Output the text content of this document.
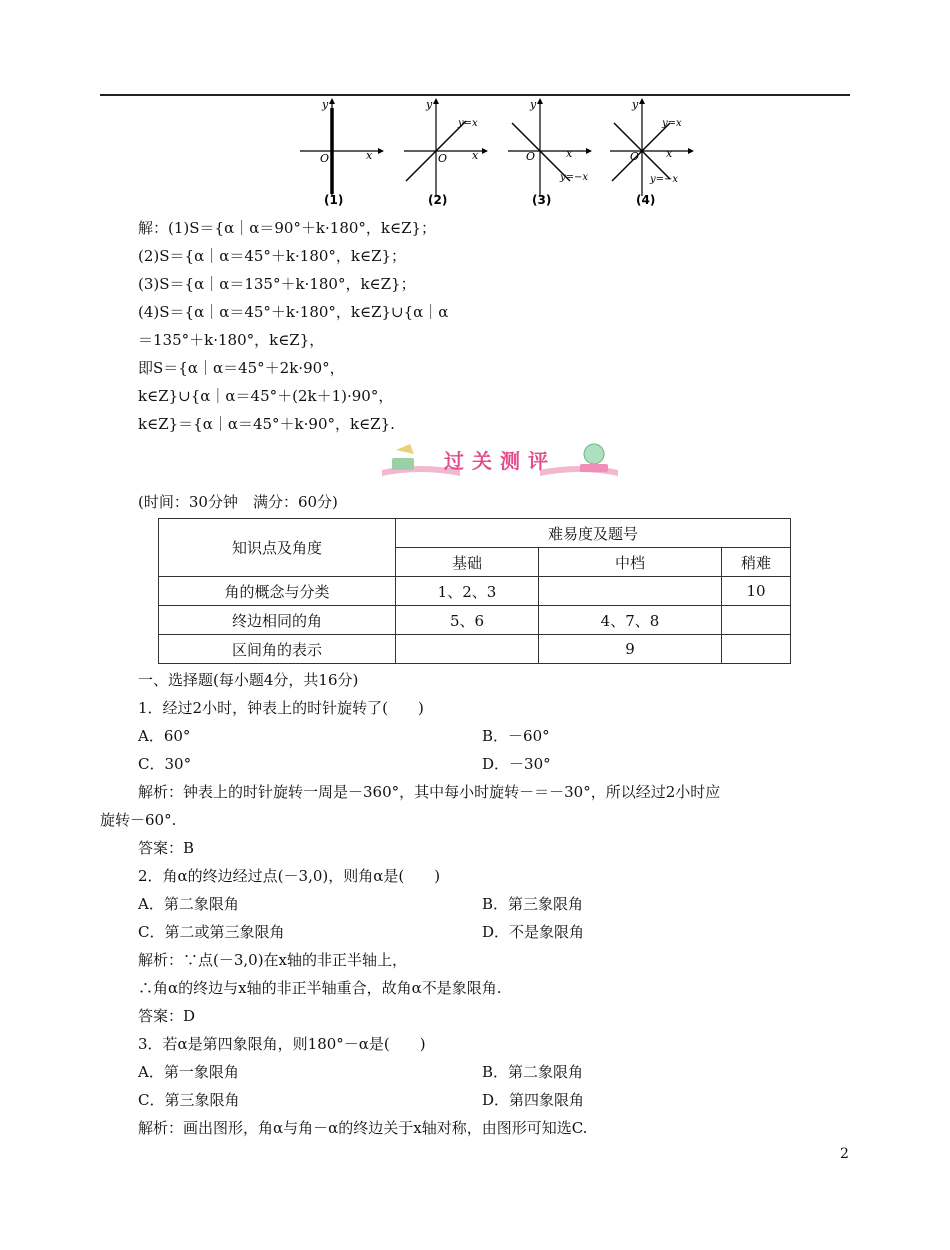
y
O	x
(1)
y
y=x
O x
(2)
y
O	x
y=−x
(3)
y
y=x
O x
y=−x
(4)
解：(1)S＝{α｜α＝90°＋k·180°，k∈Z}；
(2)S＝{α｜α＝45°＋k·180°，k∈Z}；
(3)S＝{α｜α＝135°＋k·180°，k∈Z}；
(4)S＝{α｜α＝45°＋k·180°，k∈Z}∪{α｜α
＝135°＋k·180°，k∈Z}，
即S＝{α｜α＝45°＋2k·90°，
k∈Z}∪{α｜α＝45°＋(2k＋1)·90°，
k∈Z}＝{α｜α＝45°＋k·90°，k∈Z}.
过关测评
(时间：30分钟　满分：60分)
知识点及角度	难易度及题号		
	基础	中档	稍难
角的概念与分类	1、2、3		10
终边相同的角	5、6	4、7、8	
区间角的表示		9	
一、选择题(每小题4分，共16分)
1．经过2小时，钟表上的时针旋转了(　　)
A．60°	B．－60°
C．30°	D．－30°
解析：钟表上的时针旋转一周是－360°，其中每小时旋转－＝－30°，所以经过2小时应
旋转－60°.
答案：B
2．角α的终边经过点(－3,0)，则角α是(　　)
A．第二象限角	B．第三象限角
C．第二或第三象限角	D．不是象限角
解析：∵点(－3,0)在x轴的非正半轴上，
∴角α的终边与x轴的非正半轴重合，故角α不是象限角.
答案：D
3．若α是第四象限角，则180°－α是(　　)
A．第一象限角	B．第二象限角
C．第三象限角	D．第四象限角
解析：画出图形，角α与角－α的终边关于x轴对称，由图形可知选C.
2
